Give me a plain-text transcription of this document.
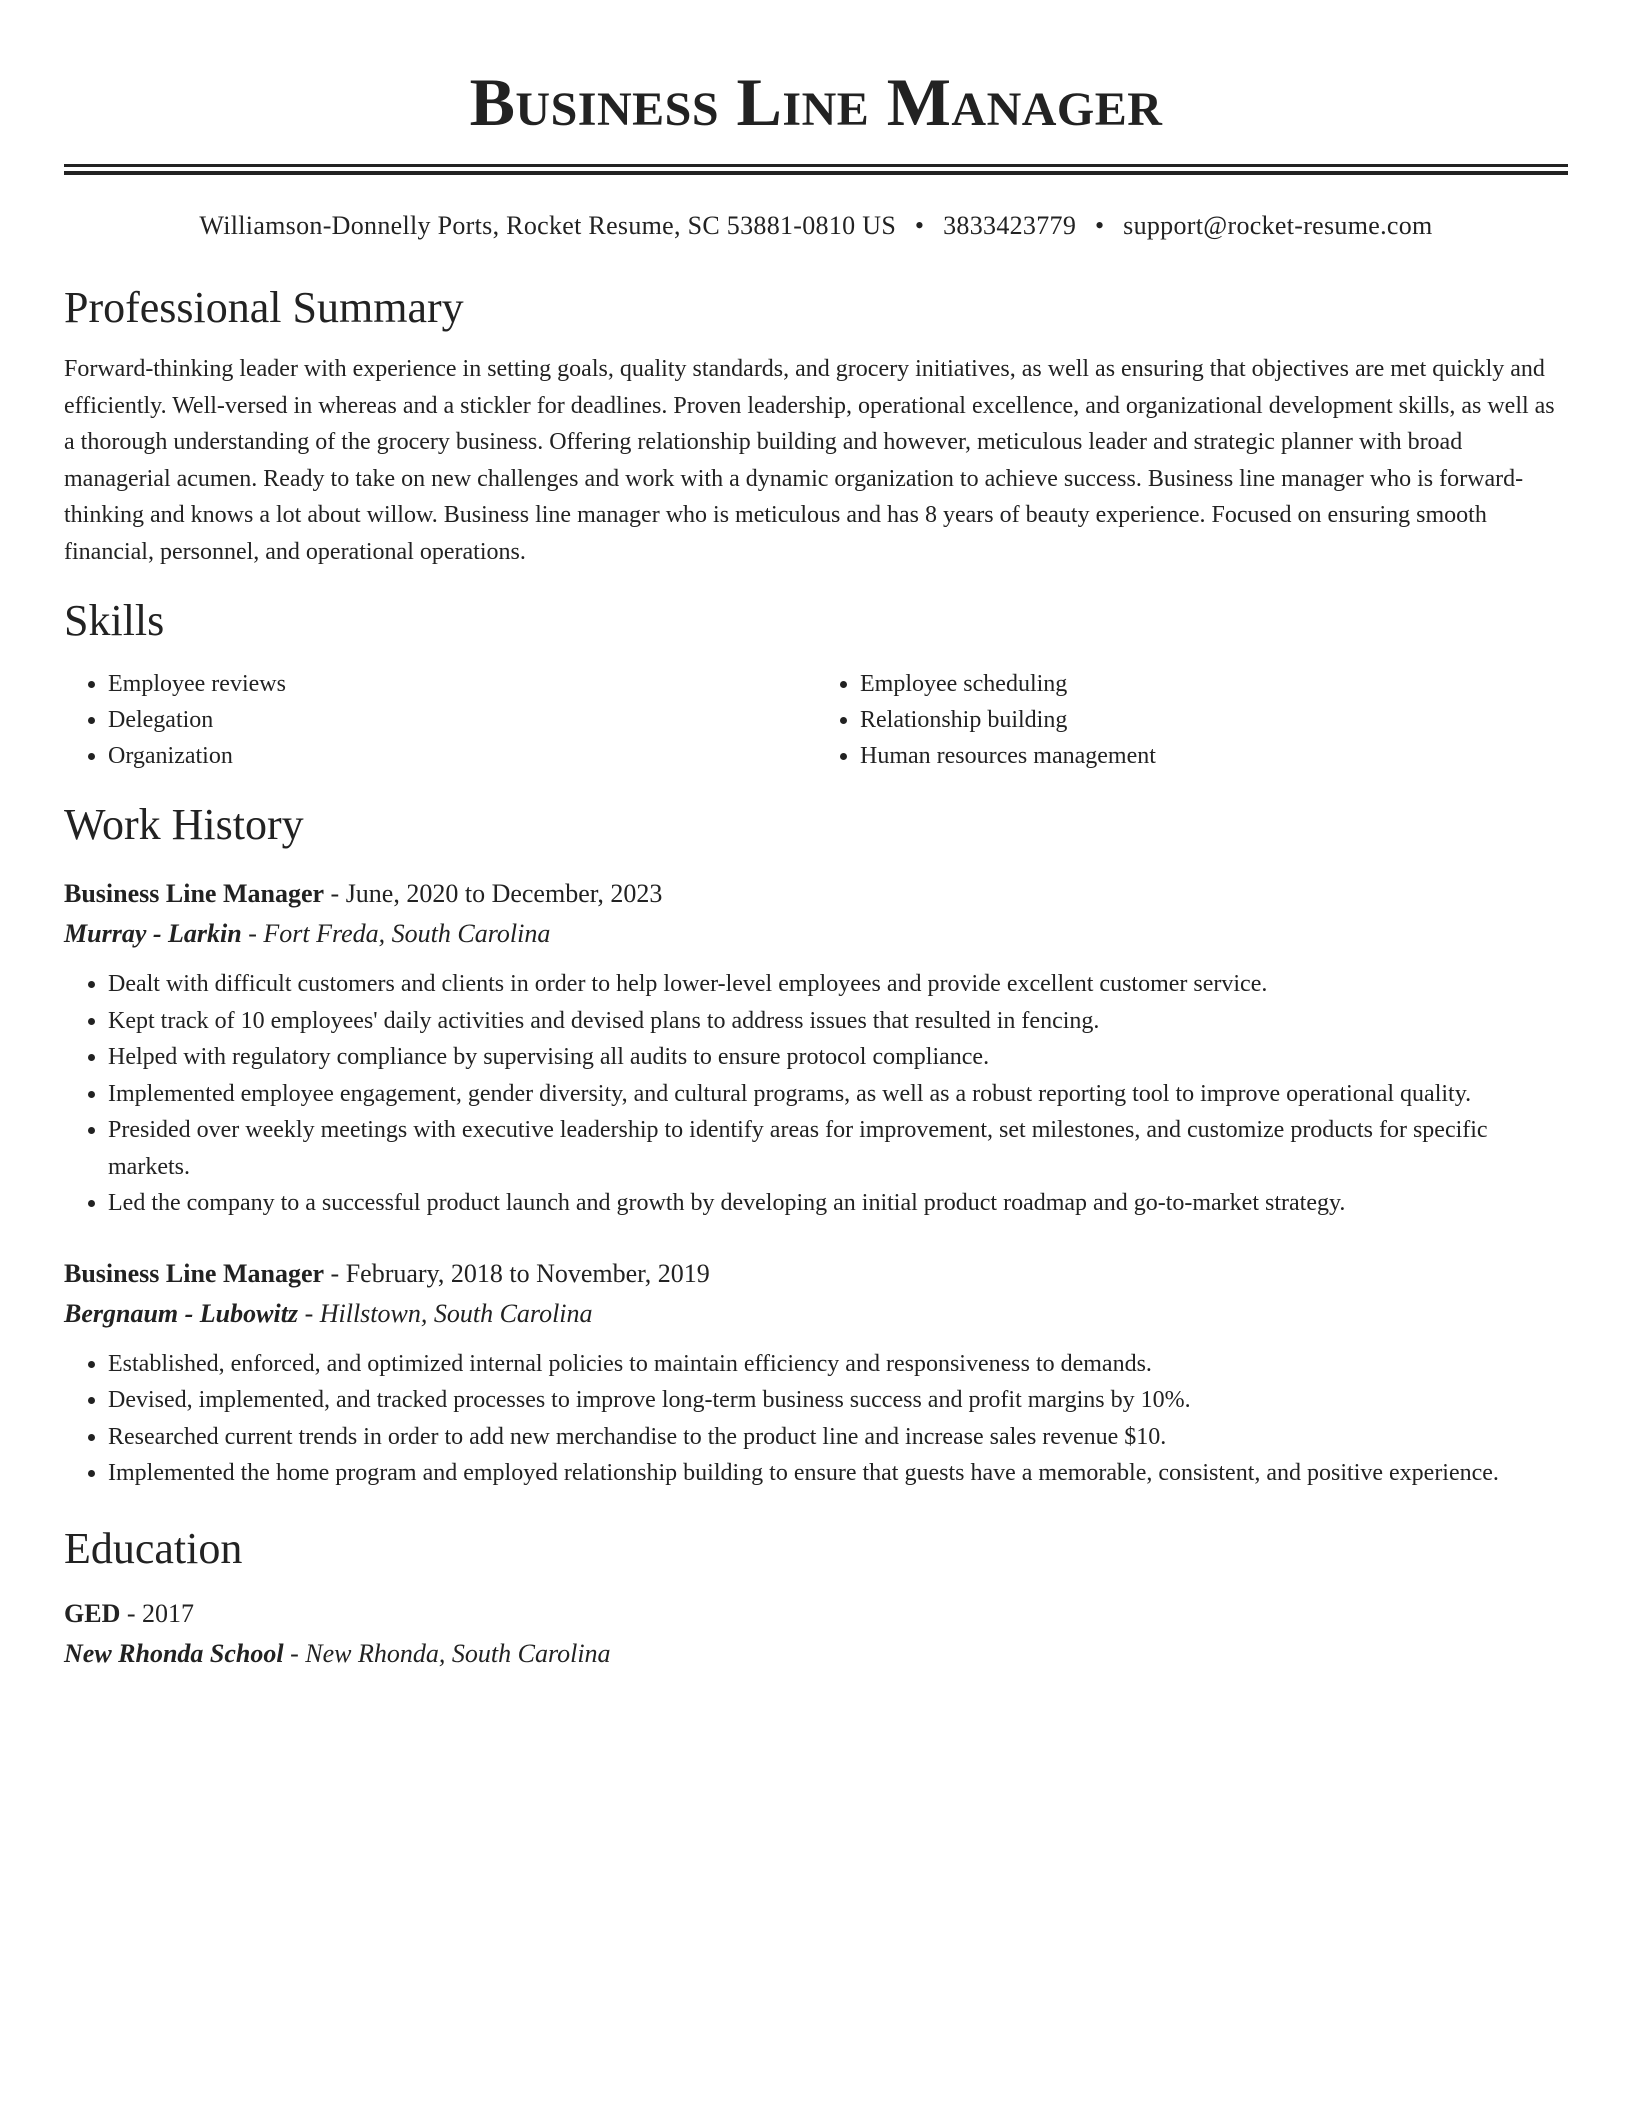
Business Line Manager
Williamson-Donnelly Ports, Rocket Resume, SC 53881-0810 US • 3833423779 • support@rocket-resume.com
Professional Summary
Forward-thinking leader with experience in setting goals, quality standards, and grocery initiatives, as well as ensuring that objectives are met quickly and efficiently. Well-versed in whereas and a stickler for deadlines. Proven leadership, operational excellence, and organizational development skills, as well as a thorough understanding of the grocery business. Offering relationship building and however, meticulous leader and strategic planner with broad managerial acumen. Ready to take on new challenges and work with a dynamic organization to achieve success. Business line manager who is forward-thinking and knows a lot about willow. Business line manager who is meticulous and has 8 years of beauty experience. Focused on ensuring smooth financial, personnel, and operational operations.
Skills
• Employee reviews
• Delegation
• Organization
• Employee scheduling
• Relationship building
• Human resources management
Work History
Business Line Manager - June, 2020 to December, 2023
Murray - Larkin - Fort Freda, South Carolina
• Dealt with difficult customers and clients in order to help lower-level employees and provide excellent customer service.
• Kept track of 10 employees' daily activities and devised plans to address issues that resulted in fencing.
• Helped with regulatory compliance by supervising all audits to ensure protocol compliance.
• Implemented employee engagement, gender diversity, and cultural programs, as well as a robust reporting tool to improve operational quality.
• Presided over weekly meetings with executive leadership to identify areas for improvement, set milestones, and customize products for specific markets.
• Led the company to a successful product launch and growth by developing an initial product roadmap and go-to-market strategy.
Business Line Manager - February, 2018 to November, 2019
Bergnaum - Lubowitz - Hillstown, South Carolina
• Established, enforced, and optimized internal policies to maintain efficiency and responsiveness to demands.
• Devised, implemented, and tracked processes to improve long-term business success and profit margins by 10%.
• Researched current trends in order to add new merchandise to the product line and increase sales revenue $10.
• Implemented the home program and employed relationship building to ensure that guests have a memorable, consistent, and positive experience.
Education
GED - 2017
New Rhonda School - New Rhonda, South Carolina
